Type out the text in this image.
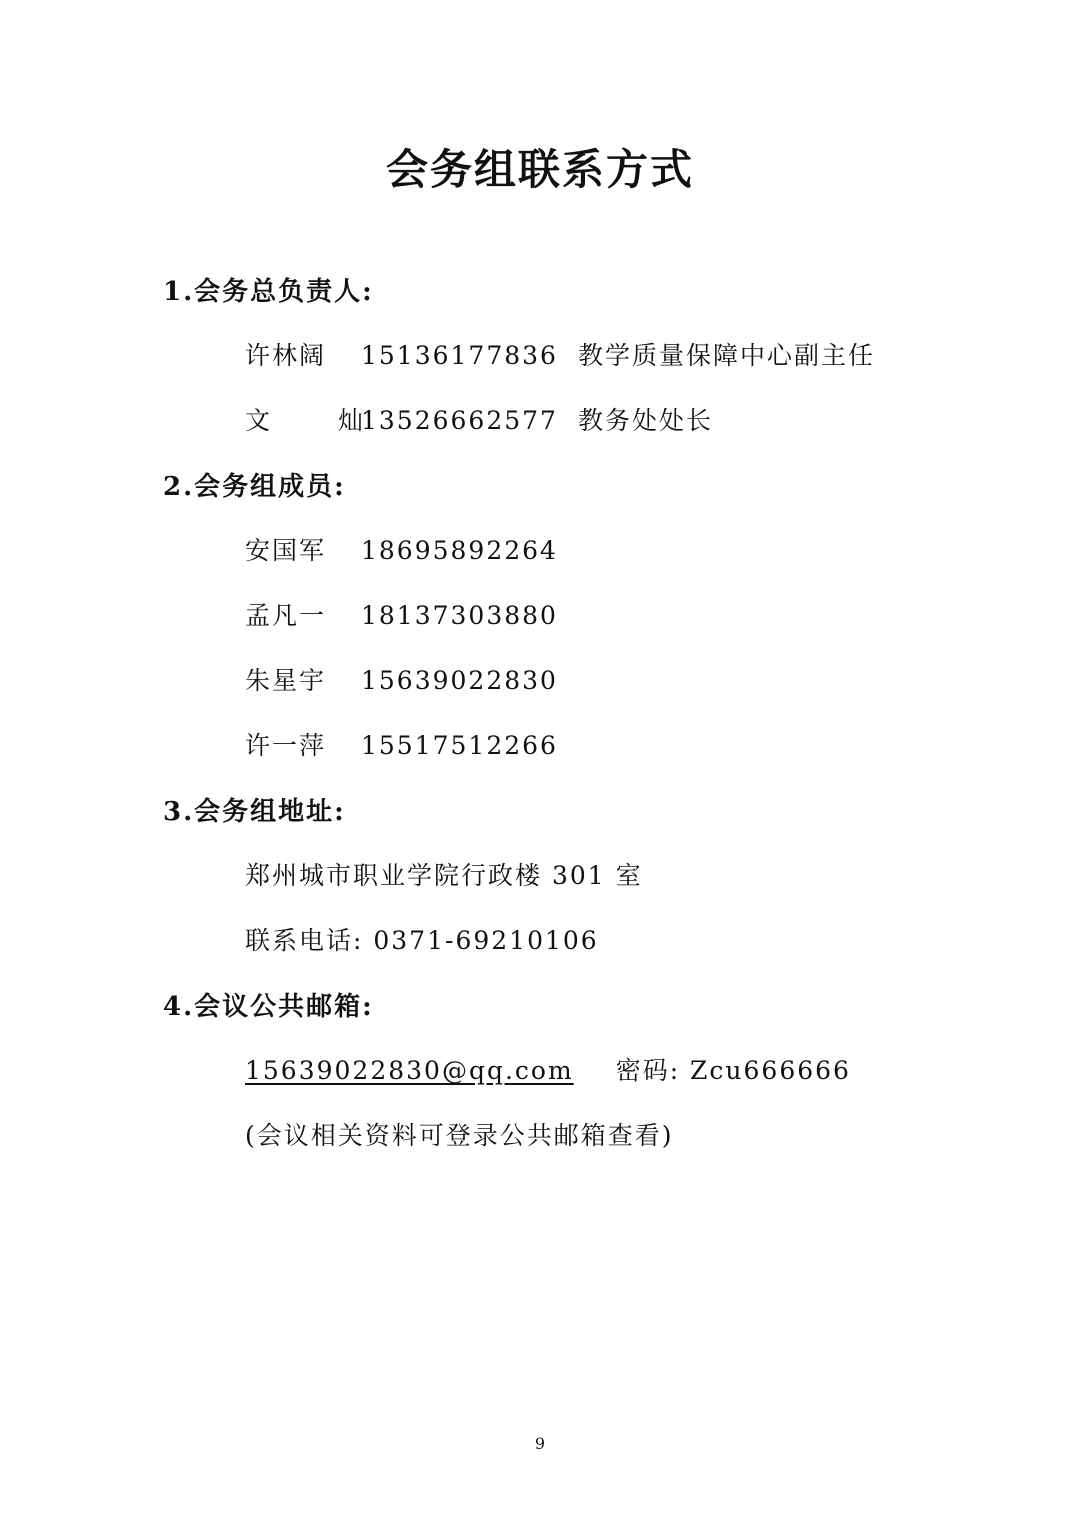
会务组联系方式
1.会务总负责人:
许林阔 15136177836 教学质量保障中心副主任
文 灿13526662577 教务处处长
2.会务组成员:
安国军 18695892264
孟凡一 18137303880
朱星宇 15639022830
许一萍 15517512266
3.会务组地址:
郑州城市职业学院行政楼 301 室
联系电话: 0371-69210106
4.会议公共邮箱:
15639022830@qq.com 密码: Zcu666666
(会议相关资料可登录公共邮箱查看)
9
